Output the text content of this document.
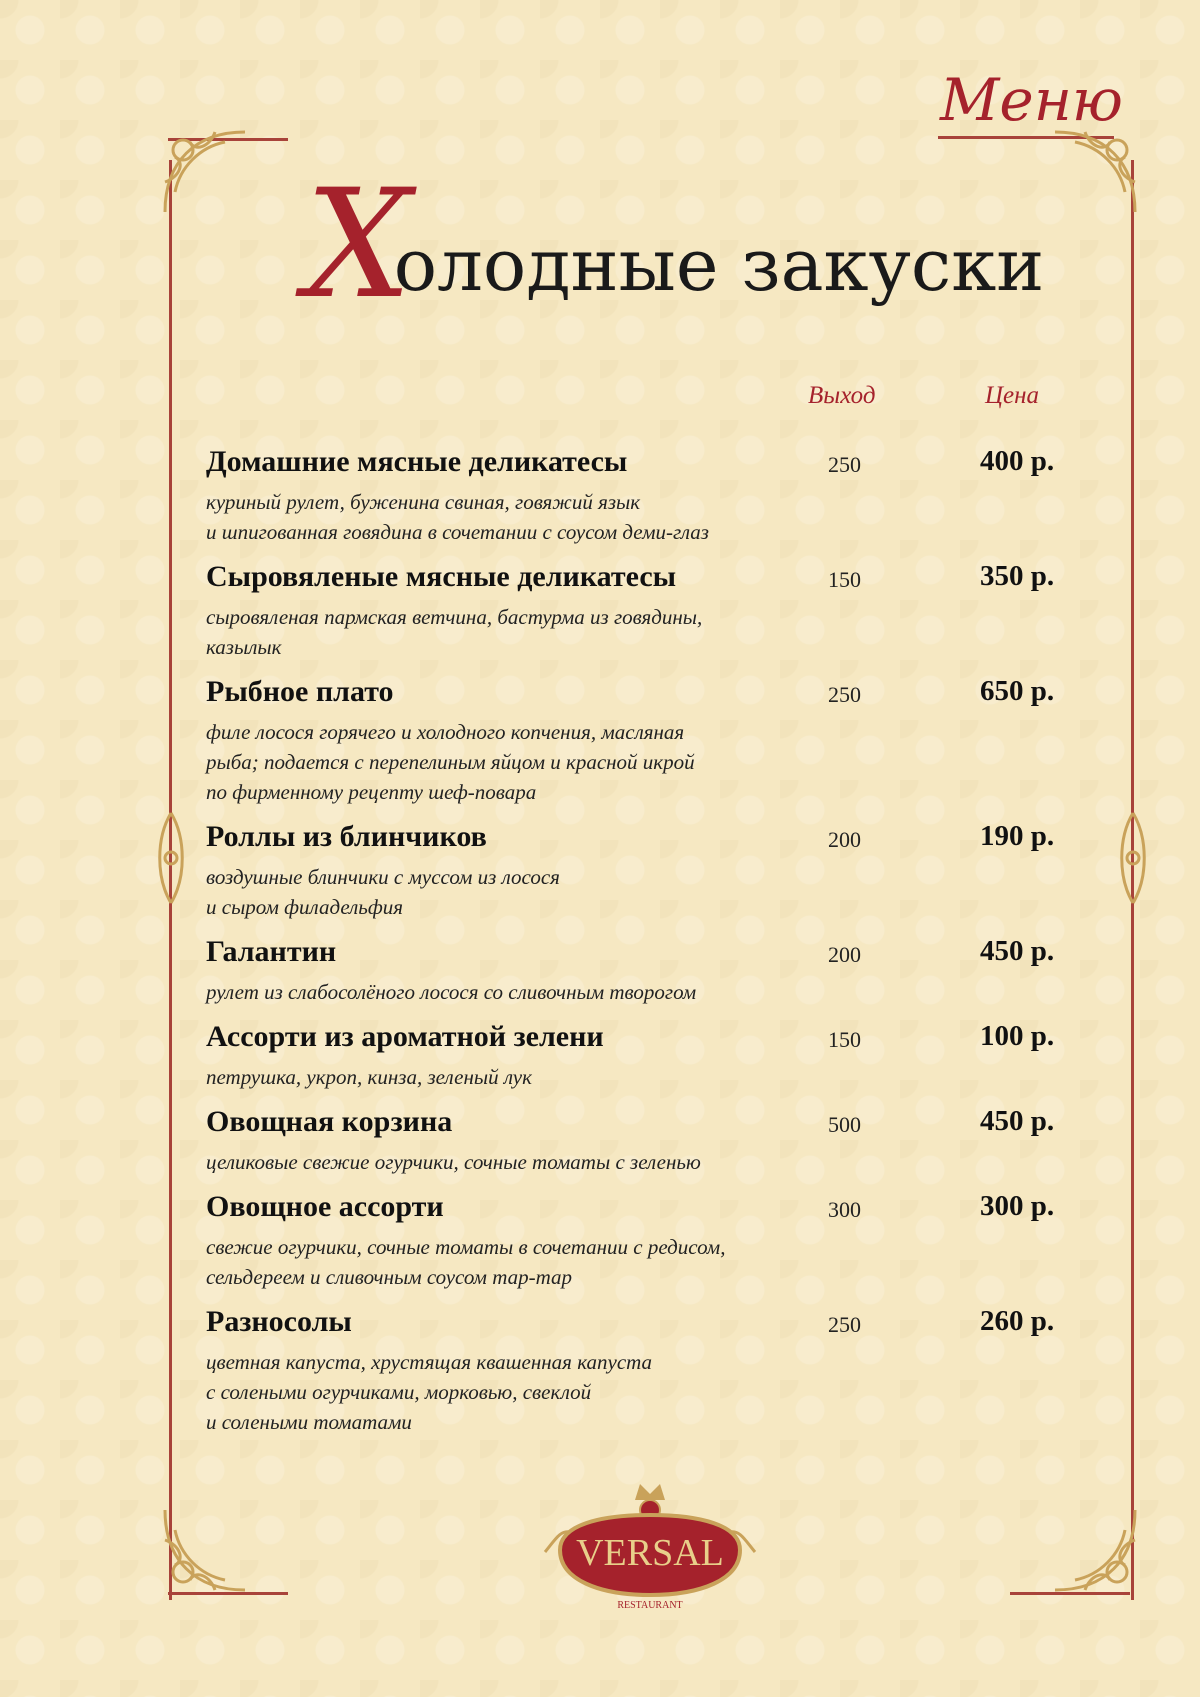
Меню
Холодные закуски
Выход	Цена
Домашние мясные деликатесы	250	400 р.
куриный рулет, буженина свиная, говяжий язык
и шпигованная говядина в сочетании с соусом деми-глаз
Сыровяленые мясные деликатесы	150	350 р.
сыровяленая пармская ветчина, бастурма из говядины,
казылык
Рыбное плато	250	650 р.
филе лосося горячего и холодного копчения, масляная
рыба; подается с перепелиным яйцом и красной икрой
по фирменному рецепту шеф-повара
Роллы из блинчиков	200	190 р.
воздушные блинчики с муссом из лосося
и сыром филадельфия
Галантин	200	450 р.
рулет из слабосолёного лосося со сливочным творогом
Ассорти из ароматной зелени	150	100 р.
петрушка, укроп, кинза, зеленый лук
Овощная корзина	500	450 р.
целиковые свежие огурчики, сочные томаты с зеленью
Овощное ассорти	300	300 р.
свежие огурчики, сочные томаты в сочетании с редисом,
сельдереем и сливочным соусом тар-тар
Разносолы	250	260 р.
цветная капуста, хрустящая квашенная капуста
с солеными огурчиками, морковью, свеклой
и солеными томатами
VERSAL
RESTAURANT
